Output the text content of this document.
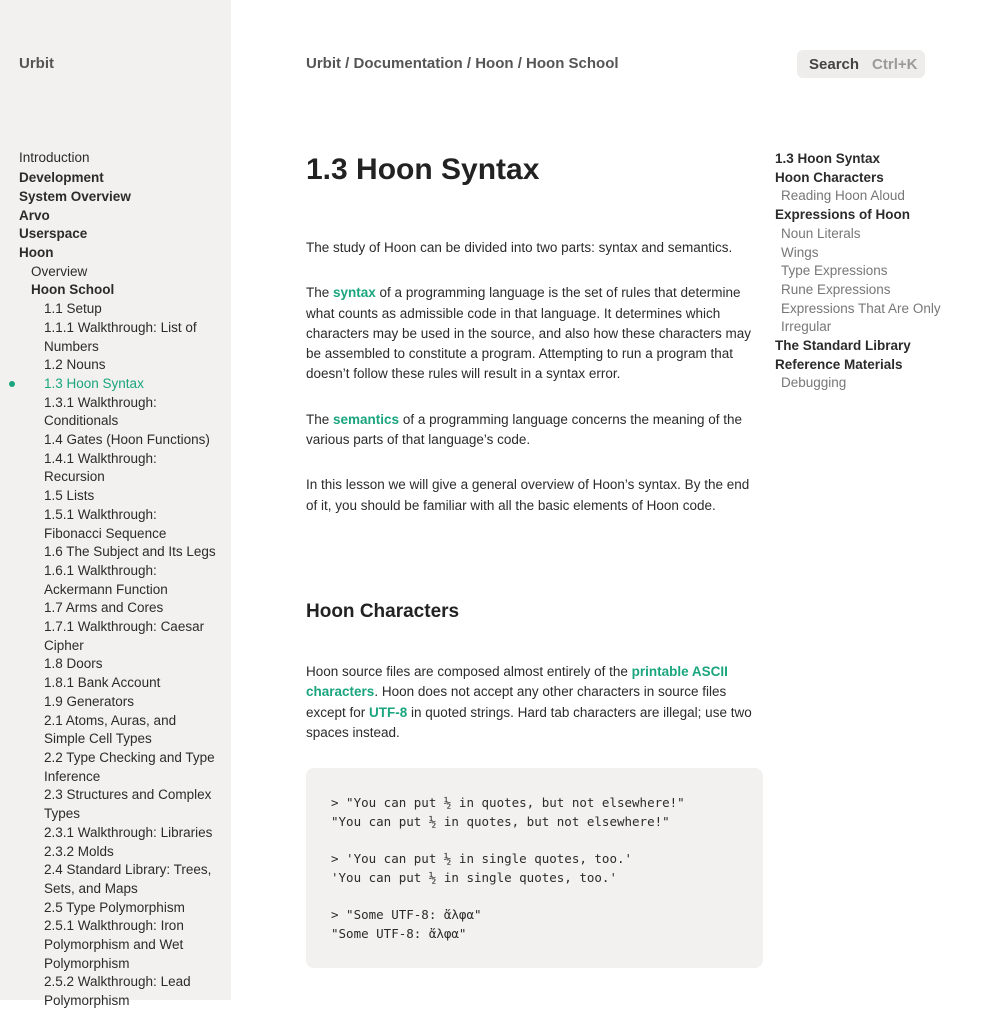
Urbit
Introduction
Development
System Overview
Arvo
Userspace
Hoon
Overview
Hoon School
1.1 Setup
1.1.1 Walkthrough: List of Numbers
1.2 Nouns
1.3 Hoon Syntax
1.3.1 Walkthrough: Conditionals
1.4 Gates (Hoon Functions)
1.4.1 Walkthrough: Recursion
1.5 Lists
1.5.1 Walkthrough: Fibonacci Sequence
1.6 The Subject and Its Legs
1.6.1 Walkthrough: Ackermann Function
1.7 Arms and Cores
1.7.1 Walkthrough: Caesar Cipher
1.8 Doors
1.8.1 Bank Account
1.9 Generators
2.1 Atoms, Auras, and Simple Cell Types
2.2 Type Checking and Type Inference
2.3 Structures and Complex Types
2.3.1 Walkthrough: Libraries
2.3.2 Molds
2.4 Standard Library: Trees, Sets, and Maps
2.5 Type Polymorphism
2.5.1 Walkthrough: Iron Polymorphism and Wet Polymorphism
2.5.2 Walkthrough: Lead Polymorphism
Urbit / Documentation / Hoon / Hoon School	Search Ctrl+K
1.3 Hoon Syntax

The study of Hoon can be divided into two parts: syntax and semantics.

The syntax of a programming language is the set of rules that determine what counts as admissible code in that language. It determines which characters may be used in the source, and also how these characters may be assembled to constitute a program. Attempting to run a program that doesn’t follow these rules will result in a syntax error.

The semantics of a programming language concerns the meaning of the various parts of that language’s code.

In this lesson we will give a general overview of Hoon’s syntax. By the end of it, you should be familiar with all the basic elements of Hoon code.

Hoon Characters

Hoon source files are composed almost entirely of the printable ASCII characters. Hoon does not accept any other characters in source files except for UTF-8 in quoted strings. Hard tab characters are illegal; use two spaces instead.

> "You can put ½ in quotes, but not elsewhere!"
"You can put ½ in quotes, but not elsewhere!"
> 'You can put ½ in single quotes, too.'
'You can put ½ in single quotes, too.'
> "Some UTF-8: ἄλφα"
"Some UTF-8: ἄλφα"
1.3 Hoon Syntax
Hoon Characters
Reading Hoon Aloud
Expressions of Hoon
Noun Literals
Wings
Type Expressions
Rune Expressions
Expressions That Are Only Irregular
The Standard Library
Reference Materials
Debugging
